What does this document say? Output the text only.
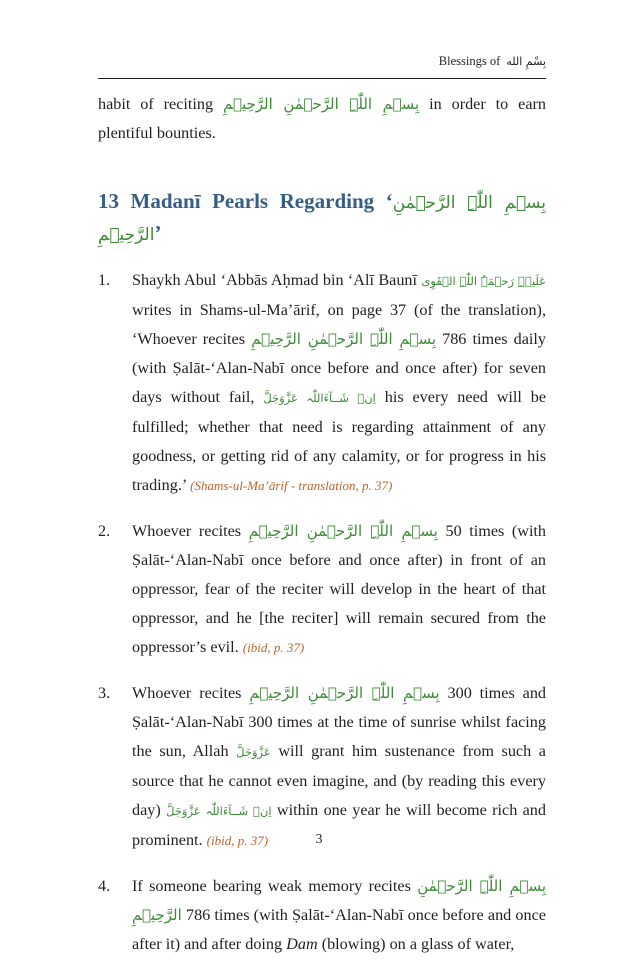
Blessings of بِسْمِ الله

habit of reciting بِسۡمِ اللّٰہِ الرَّحۡمٰنِ الرَّحِیۡمِ in order to earn plentiful bounties.

13 Madanī Pearls Regarding ‘بِسۡمِ اللّٰہِ الرَّحۡمٰنِ الرَّحِیۡمِ’
1. Shaykh Abul ‘Abbās Aḥmad bin ‘Alī Baunī عَلَیۡہِ رَحۡمَۃُ اللّٰہِ الۡقَوِی writes in Shams-ul-Ma’ārif, on page 37 (of the translation), ‘Whoever recites بِسۡمِ اللّٰہِ الرَّحۡمٰنِ الرَّحِیۡمِ 786 times daily (with Ṣalāt-‘Alan-Nabī once before and once after) for seven days without fail, اِنۡ شَــآءَاللّٰہ عَزَّوَجَلَّ his every need will be fulfilled; whether that need is regarding attainment of any goodness, or getting rid of any calamity, or for progress in his trading.’ (Shams-ul-Ma’ārif - translation, p. 37)
2. Whoever recites بِسۡمِ اللّٰہِ الرَّحۡمٰنِ الرَّحِیۡمِ 50 times (with Ṣalāt-‘Alan-Nabī once before and once after) in front of an oppressor, fear of the reciter will develop in the heart of that oppressor, and he [the reciter] will remain secured from the oppressor’s evil. (ibid, p. 37)
3. Whoever recites بِسۡمِ اللّٰہِ الرَّحۡمٰنِ الرَّحِیۡمِ 300 times and Ṣalāt-‘Alan-Nabī 300 times at the time of sunrise whilst facing the sun, Allah عَزَّوَجَلَّ will grant him sustenance from such a source that he cannot even imagine, and (by reading this every day) اِنۡ شَــآءَاللّٰہ عَزَّوَجَلَّ within one year he will become rich and prominent. (ibid, p. 37)
4. If someone bearing weak memory recites بِسۡمِ اللّٰہِ الرَّحۡمٰنِ الرَّحِیۡمِ 786 times (with Ṣalāt-‘Alan-Nabī once before and once after it) and after doing Dam (blowing) on a glass of water,
3
